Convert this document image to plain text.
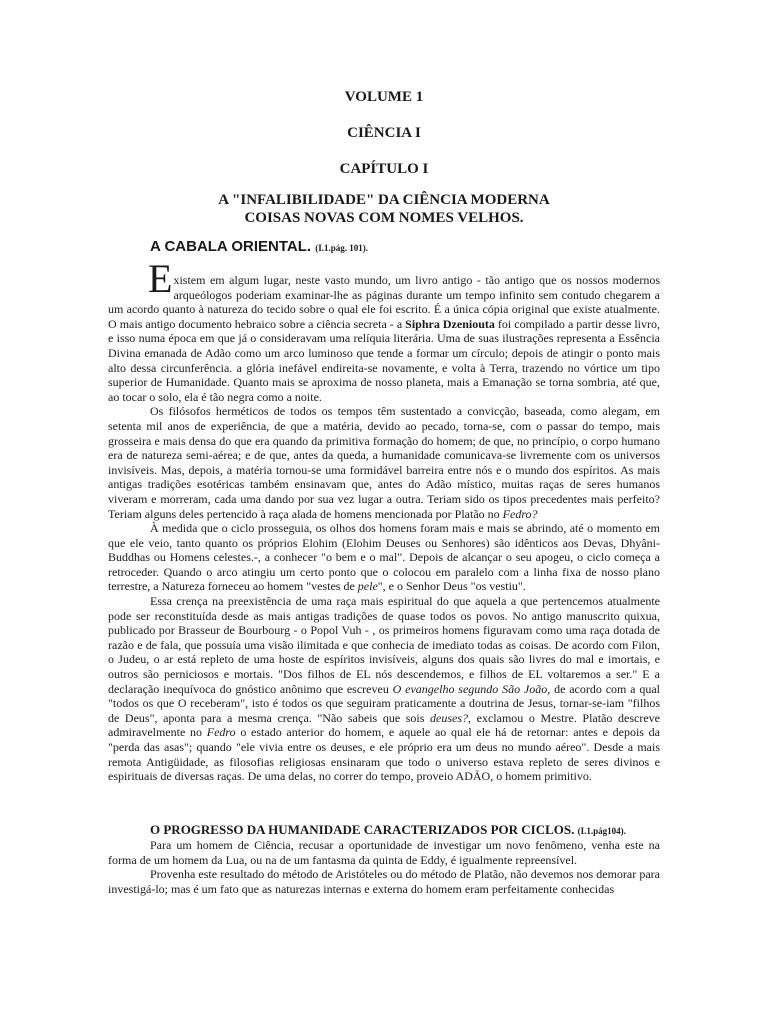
VOLUME 1

CIÊNCIA I

CAPÍTULO I
A "INFALIBILIDADE" DA CIÊNCIA MODERNA
COISAS NOVAS COM NOMES VELHOS.
A CABALA ORIENTAL. (I.1.pág. 101).

E xistem em algum lugar, neste vasto mundo, um livro antigo - tão antigo que os nossos modernos arqueólogos poderiam examinar-lhe as páginas durante um tempo infinito sem contudo chegarem a um acordo quanto à natureza do tecido sobre o qual ele foi escrito. É a única cópia original que existe atualmente. O mais antigo documento hebraico sobre a ciência secreta - a Siphra Dzeniouta foi compilado a partir desse livro, e isso numa época em que já o consideravam uma relíquia literária. Uma de suas ilustrações representa a Essência Divina emanada de Adão como um arco luminoso que tende a formar um círculo; depois de atingir o ponto mais alto dessa circunferência. a glória inefável endireita-se novamente, e volta à Terra, trazendo no vórtice um tipo superior de Humanidade. Quanto mais se aproxima de nosso planeta, mais a Emanação se torna sombria, até que, ao tocar o solo, ela é tão negra como a noite.

Os filósofos herméticos de todos os tempos têm sustentado a convicção, baseada, como alegam, em setenta mil anos de experiência, de que a matéria, devido ao pecado, torna-se, com o passar do tempo, mais grosseira e mais densa do que era quando da primitiva formação do homem; de que, no princípio, o corpo humano era de natureza semi-aérea; e de que, antes da queda, a humanidade comunicava-se livremente com os universos invisíveis. Mas, depois, a matéria tornou-se uma formidável barreira entre nós e o mundo dos espíritos. As mais antigas tradições esotéricas também ensinavam que, antes do Adão místico, muitas raças de seres humanos viveram e morreram, cada uma dando por sua vez lugar a outra. Teriam sido os tipos precedentes mais perfeito? Teriam alguns deles pertencido à raça alada de homens mencionada por Platão no Fedro?

À medida que o ciclo prosseguia, os olhos dos homens foram mais e mais se abrindo, até o momento em que ele veio, tanto quanto os próprios Elohim (Elohim Deuses ou Senhores) são idênticos aos Devas, Dhyâni-Buddhas ou Homens celestes.-, a conhecer "o bem e o mal". Depois de alcançar o seu apogeu, o ciclo começa a retroceder. Quando o arco atingiu um certo ponto que o colocou em paralelo com a linha fixa de nosso plano terrestre, a Natureza forneceu ao homem "vestes de pele", e o Senhor Deus "os vestiu".

Essa crença na preexistência de uma raça mais espiritual do que aquela a que pertencemos atualmente pode ser reconstituída desde as mais antigas tradições de quase todos os povos. No antigo manuscrito quixua, publicado por Brasseur de Bourbourg - o Popol Vuh - , os primeiros homens figuravam como uma raça dotada de razão e de fala, que possuía uma visão ilimitada e que conhecia de imediato todas as coisas. De acordo com Filon, o Judeu, o ar está repleto de uma hoste de espíritos invisíveis, alguns dos quais são livres do mal e imortais, e outros são perniciosos e mortais. "Dos filhos de EL nós descendemos, e filhos de EL voltaremos a ser." E a declaração inequívoca do gnóstico anônimo que escreveu O evangelho segundo São João, de acordo com a qual "todos os que O receberam", isto é todos os que seguiram praticamente a doutrina de Jesus, tornar-se-iam "filhos de Deus", aponta para a mesma crença. "Não sabeis que sois deuses?, exclamou o Mestre. Platão descreve admiravelmente no Fedro o estado anterior do homem, e aquele ao qual ele há de retornar: antes e depois da "perda das asas"; quando "ele vivia entre os deuses, e ele próprio era um deus no mundo aéreo". Desde a mais remota Antigüidade, as filosofias religiosas ensinaram que todo o universo estava repleto de seres divinos e espirituais de diversas raças. De uma delas, no correr do tempo, proveio ADÃO, o homem primitivo.

O PROGRESSO DA HUMANIDADE CARACTERIZADOS POR CICLOS. (I.1.pág104).

Para um homem de Ciência, recusar a oportunidade de investigar um novo fenômeno, venha este na forma de um homem da Lua, ou na de um fantasma da quinta de Eddy, é igualmente repreensível.

Provenha este resultado do método de Aristóteles ou do método de Platão, não devemos nos demorar para investigá-lo; mas é um fato que as naturezas internas e externa do homem eram perfeitamente conhecidas
